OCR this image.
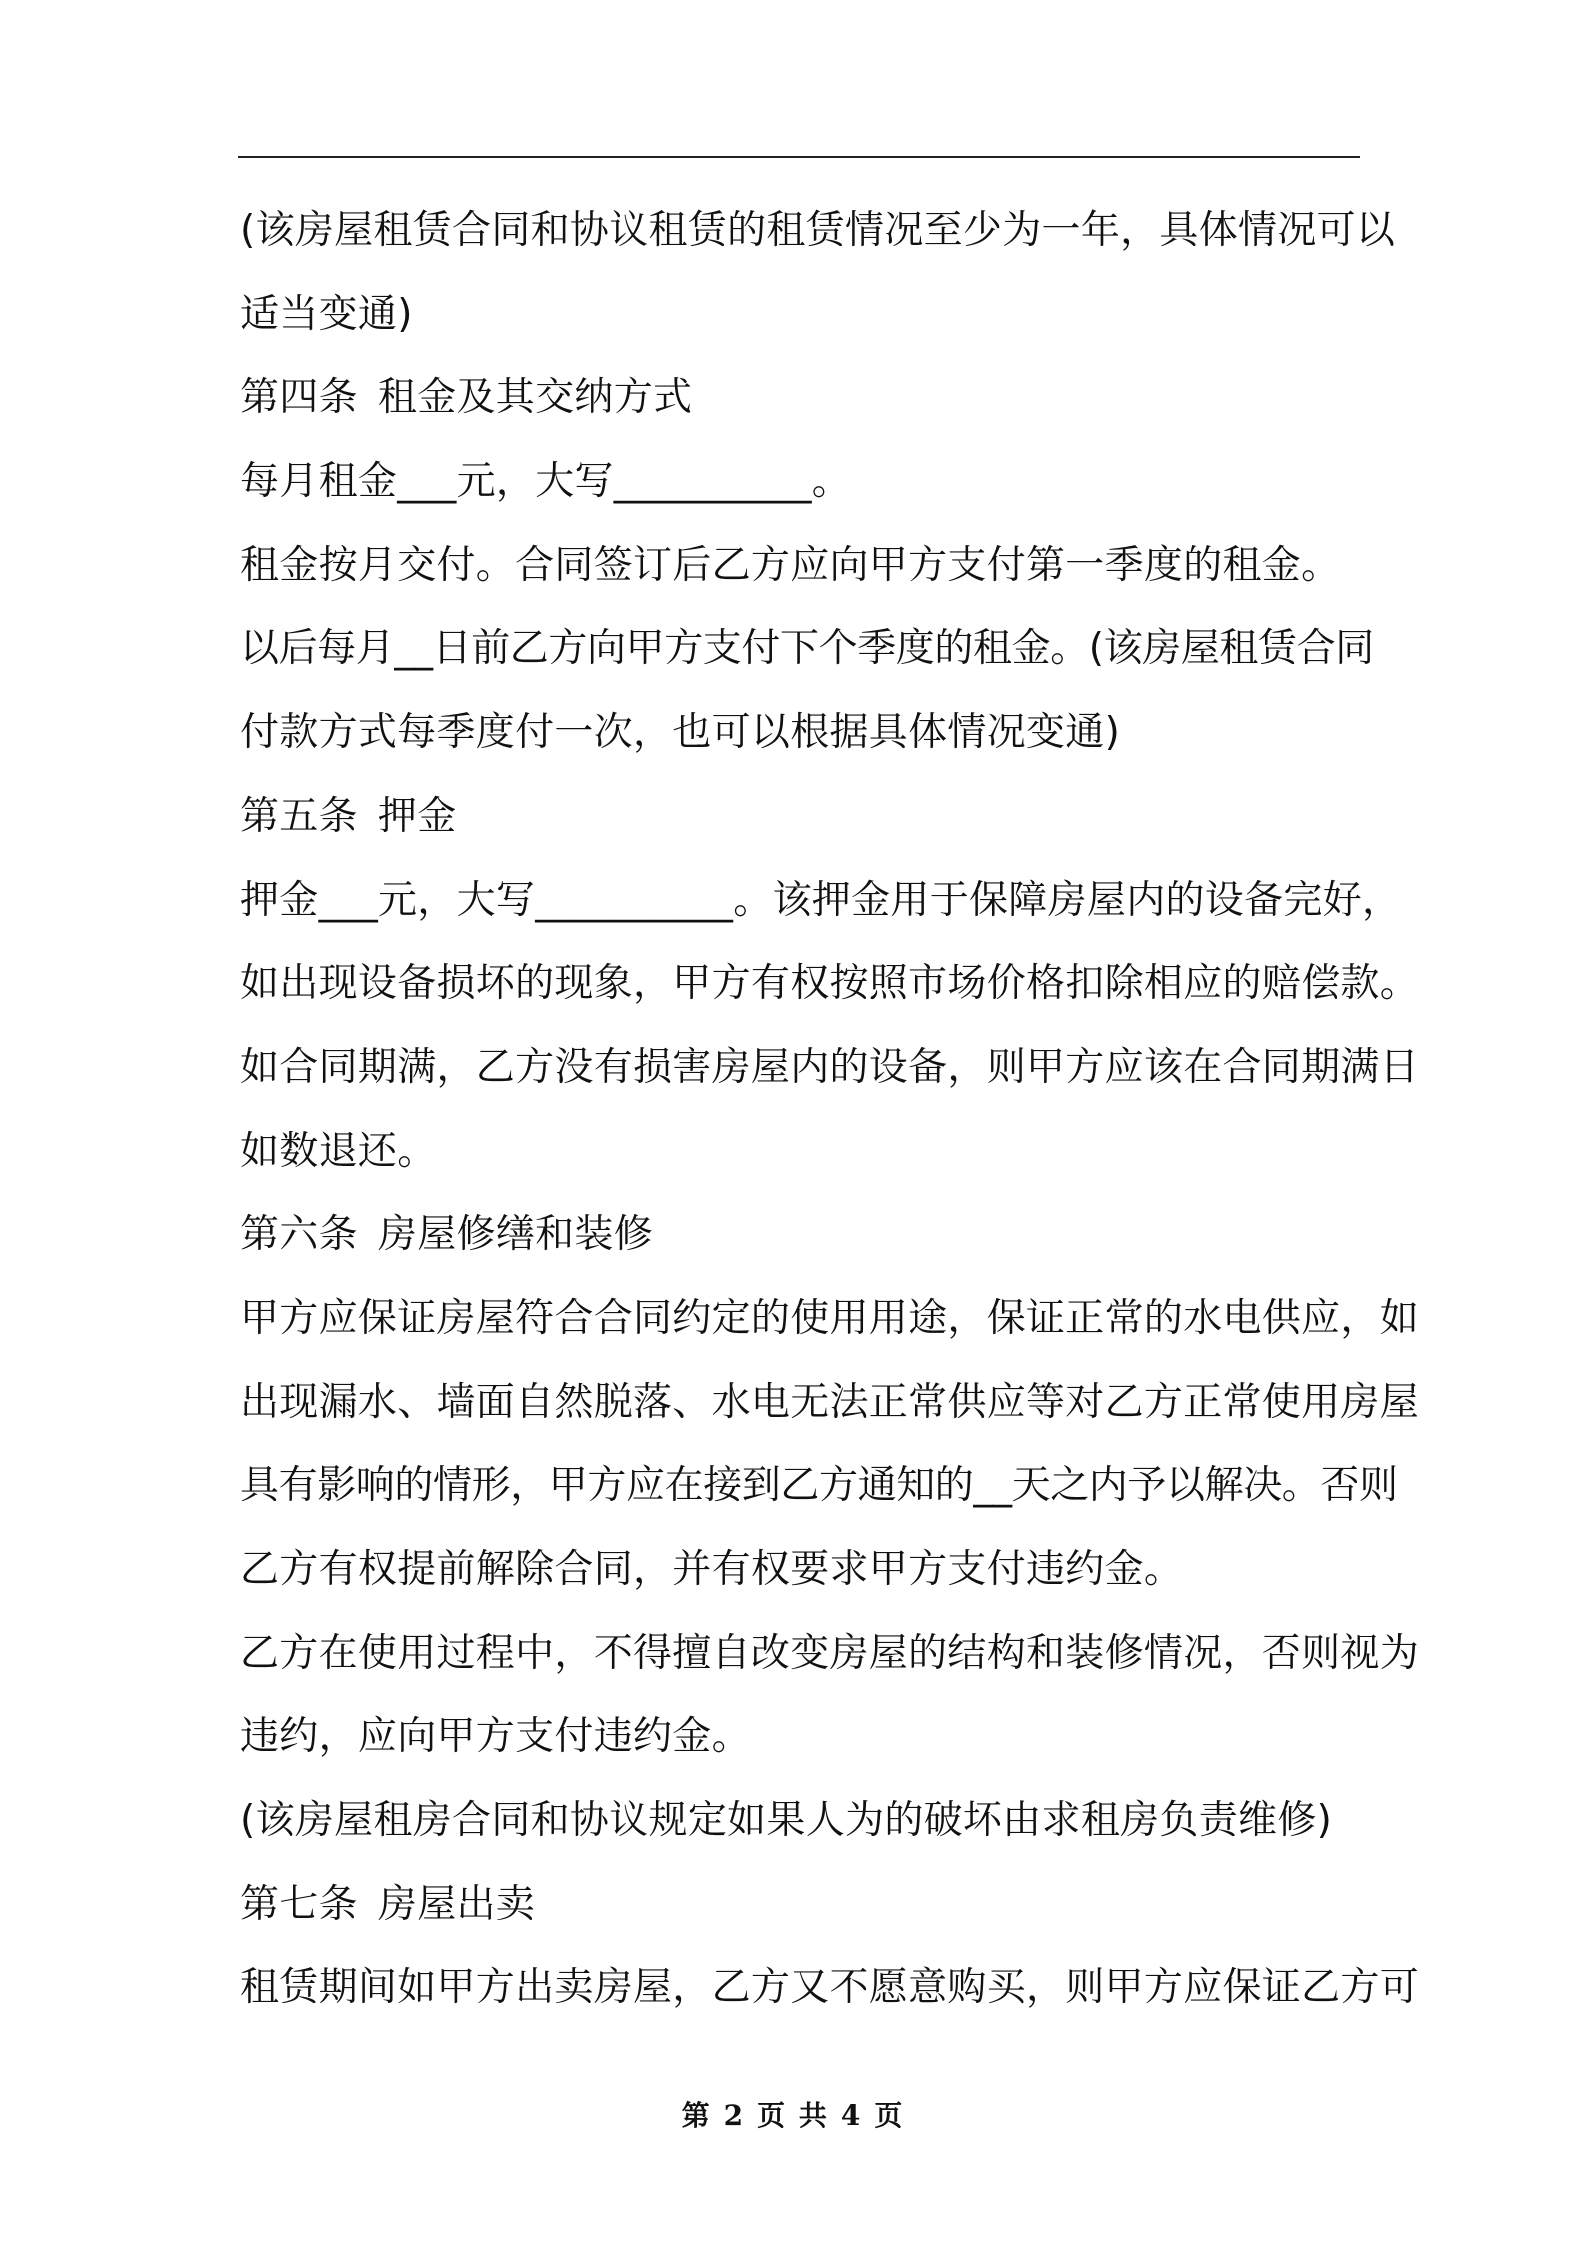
(该房屋租赁合同和协议租赁的租赁情况至少为一年，具体情况可以
适当变通)
第四条 租金及其交纳方式
每月租金___元，大写__________。
租金按月交付。合同签订后乙方应向甲方支付第一季度的租金。
以后每月__日前乙方向甲方支付下个季度的租金。(该房屋租赁合同
付款方式每季度付一次，也可以根据具体情况变通)
第五条 押金
押金___元，大写__________。该押金用于保障房屋内的设备完好，
如出现设备损坏的现象，甲方有权按照市场价格扣除相应的赔偿款。
如合同期满，乙方没有损害房屋内的设备，则甲方应该在合同期满日
如数退还。
第六条 房屋修缮和装修
甲方应保证房屋符合合同约定的使用用途，保证正常的水电供应，如
出现漏水、墙面自然脱落、水电无法正常供应等对乙方正常使用房屋
具有影响的情形，甲方应在接到乙方通知的__天之内予以解决。否则
乙方有权提前解除合同，并有权要求甲方支付违约金。
乙方在使用过程中，不得擅自改变房屋的结构和装修情况，否则视为
违约，应向甲方支付违约金。
(该房屋租房合同和协议规定如果人为的破坏由求租房负责维修)
第七条 房屋出卖
租赁期间如甲方出卖房屋，乙方又不愿意购买，则甲方应保证乙方可
第 2 页 共 4 页
